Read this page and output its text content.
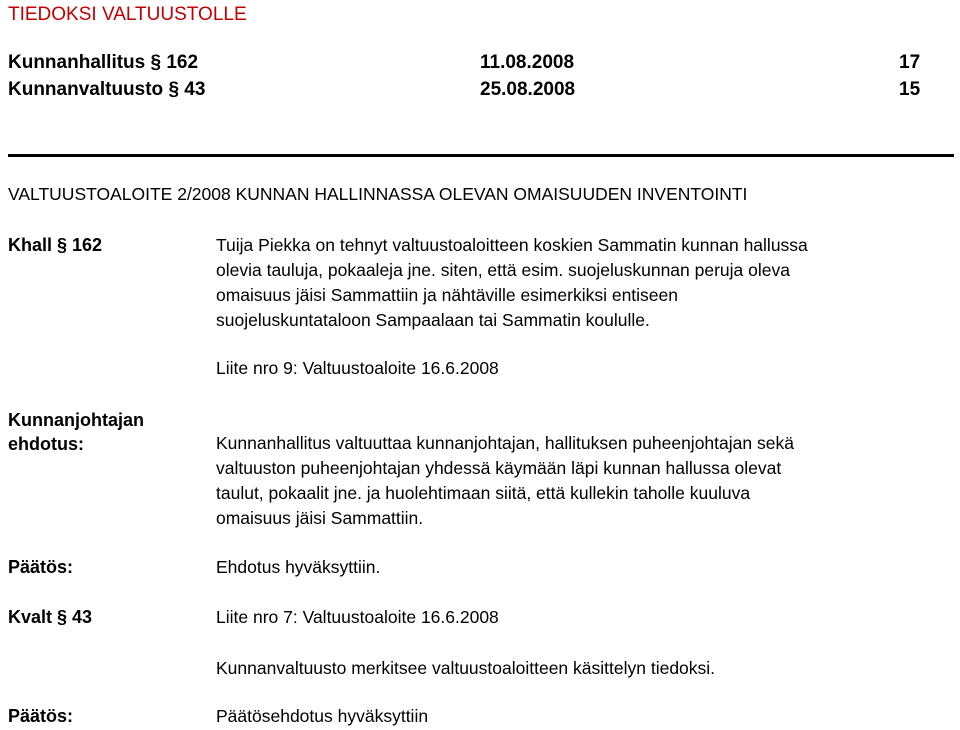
TIEDOKSI VALTUUSTOLLE
Kunnanhallitus § 162	11.08.2008	17
Kunnanvaltuusto § 43	25.08.2008	15
VALTUUSTOALOITE 2/2008 KUNNAN HALLINNASSA OLEVAN OMAISUUDEN INVENTOINTI
Khall § 162	Tuija Piekka on tehnyt valtuustoaloitteen koskien Sammatin kunnan hallussa
olevia tauluja, pokaaleja jne. siten, että esim. suojeluskunnan peruja oleva
omaisuus jäisi Sammattiin ja nähtäville esimerkiksi entiseen
suojeluskuntataloon Sampaalaan tai Sammatin koululle.
Liite nro 9: Valtuustoaloite 16.6.2008
Kunnanjohtajan
ehdotus:	Kunnanhallitus valtuuttaa kunnanjohtajan, hallituksen puheenjohtajan sekä
valtuuston puheenjohtajan yhdessä käymään läpi kunnan hallussa olevat
taulut, pokaalit jne. ja huolehtimaan siitä, että kullekin taholle kuuluva
omaisuus jäisi Sammattiin.
Päätös:	Ehdotus hyväksyttiin.
Kvalt § 43	Liite nro 7: Valtuustoaloite 16.6.2008
Kunnanvaltuusto merkitsee valtuustoaloitteen käsittelyn tiedoksi.
Päätös:	Päätösehdotus hyväksyttiin
